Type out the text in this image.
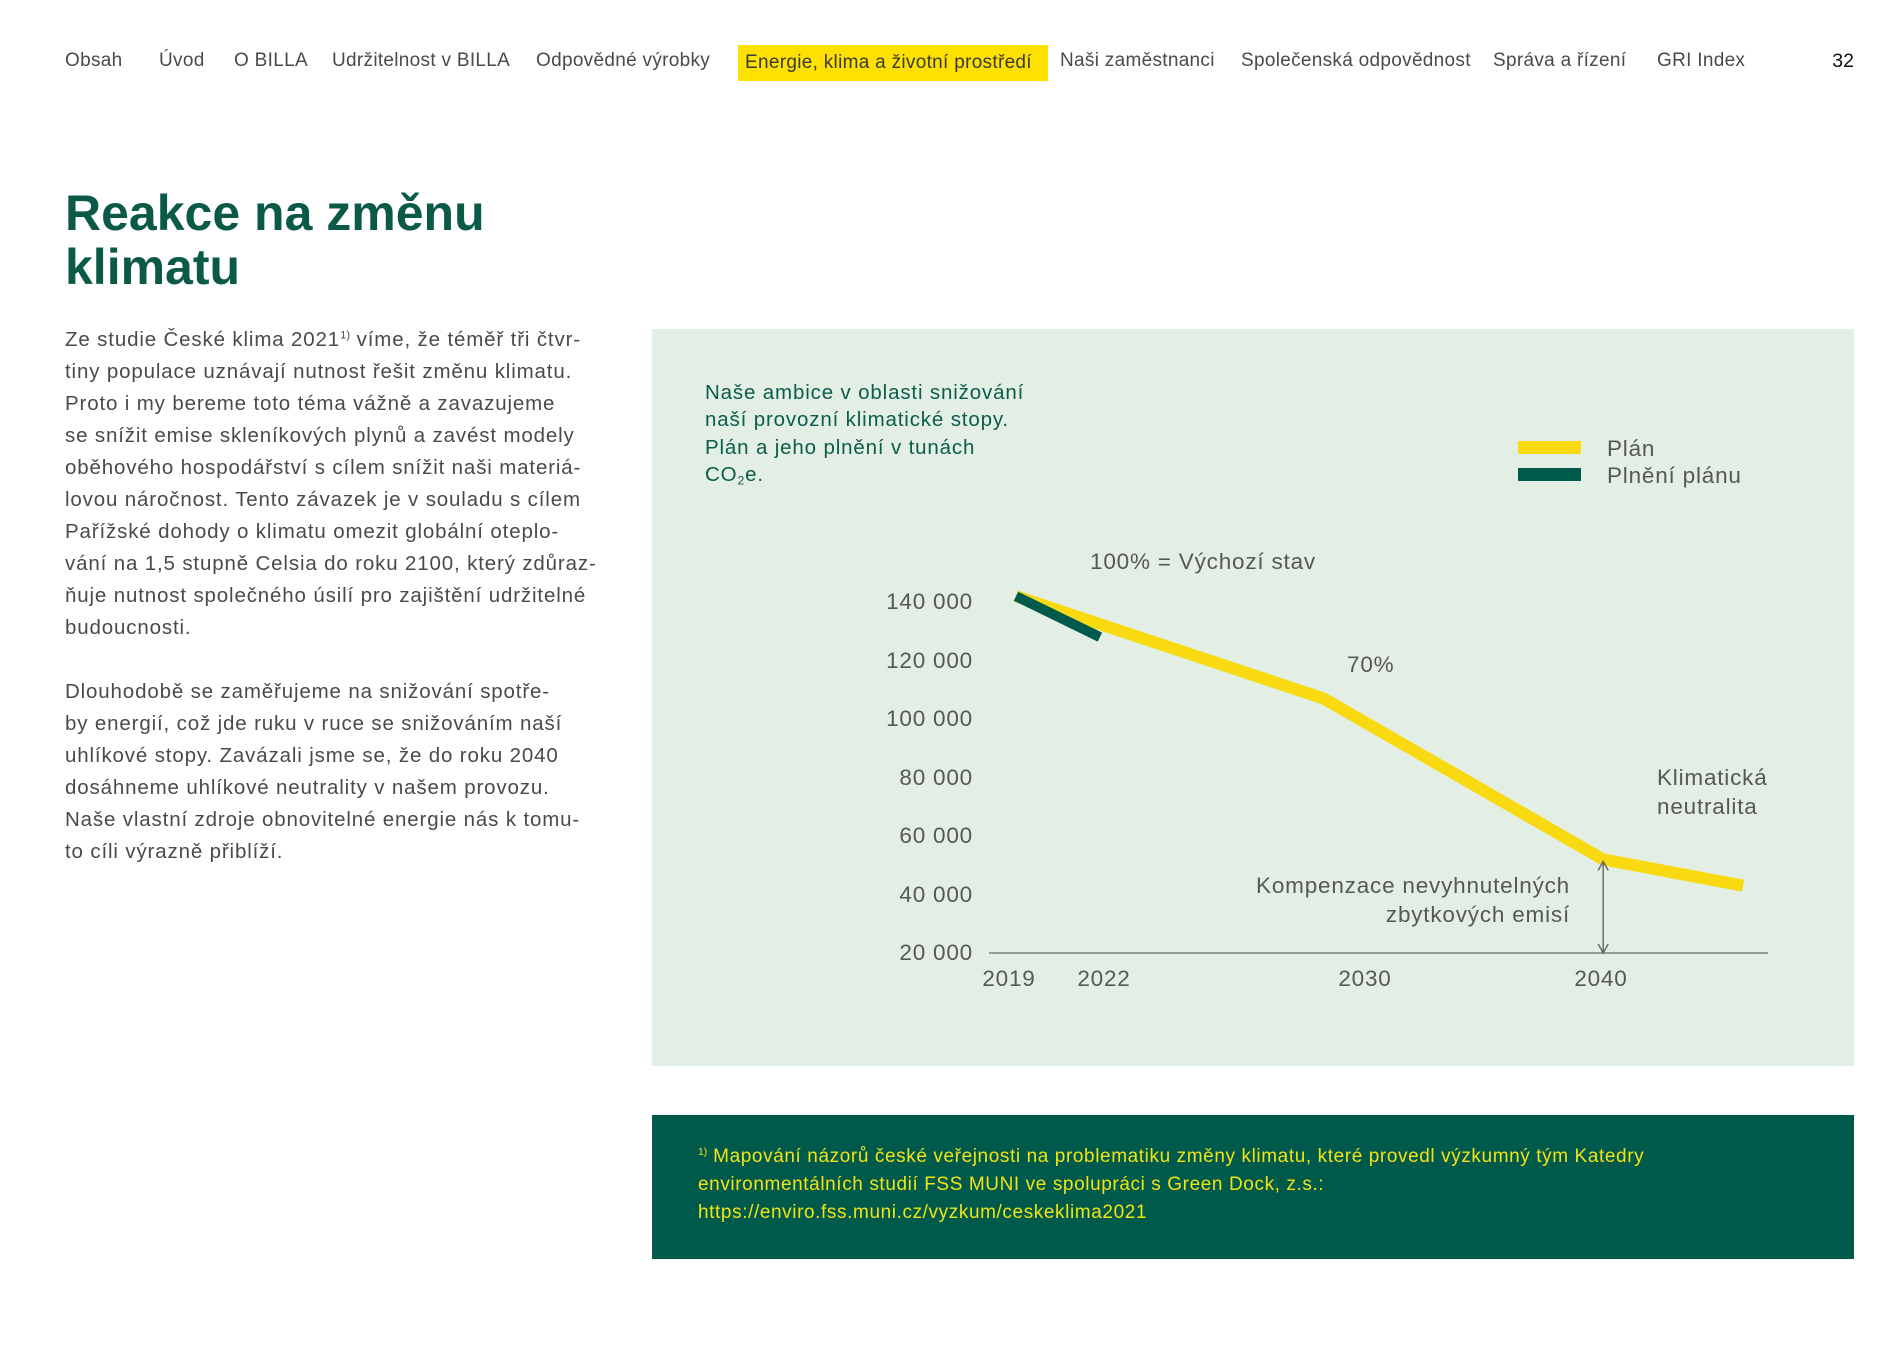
Obsah Úvod O BILLA Udržitelnost v BILLA Odpovědné výrobky	Energie, klima a životní prostředí	Naši zaměstnanci Společenská odpovědnost Správa a řízení GRI Index	32
Reakce na změnu klimatu
Ze studie České klima 2021$^{1)}$ víme, že téměř tři čtvr-
tiny populace uznávají nutnost řešit změnu klimatu.
Proto i my bereme toto téma vážně a zavazujeme
se snížit emise skleníkových plynů a zavést modely
oběhového hospodářství s cílem snížit naši materiá-
lovou náročnost. Tento závazek je v souladu s cílem
Pařížské dohody o klimatu omezit globální oteplo-
vání na 1,5 stupně Celsia do roku 2100, který zdůraz-
ňuje nutnost společného úsilí pro zajištění udržitelné
budoucnosti.
Dlouhodobě se zaměřujeme na snižování spotře-
by energií, což jde ruku v ruce se snižováním naší
uhlíkové stopy. Zavázali jsme se, že do roku 2040
dosáhneme uhlíkové neutrality v našem provozu.
Naše vlastní zdroje obnovitelné energie nás k tomu-
to cíli výrazně přiblíží.
Naše ambice v oblasti snižování
naší provozní klimatické stopy.
Plán a jeho plnění v tunách
$CO_2e$.
Plán
Plnění plánu
140 000
120 000
100 000
80 000
60 000
40 000
20 000
2019	2022	2030	2040
100% = Výchozí stav
70%
Klimatická
neutralita
Kompenzace nevyhnutelných
zbytkových emisí
$^{1)}$ Mapování názorů české veřejnosti na problematiku změny klimatu, které provedl výzkumný tým Katedry
environmentálních studií FSS MUNI ve spolupráci s Green Dock, z.s.:
https://enviro.fss.muni.cz/vyzkum/ceskeklima2021
